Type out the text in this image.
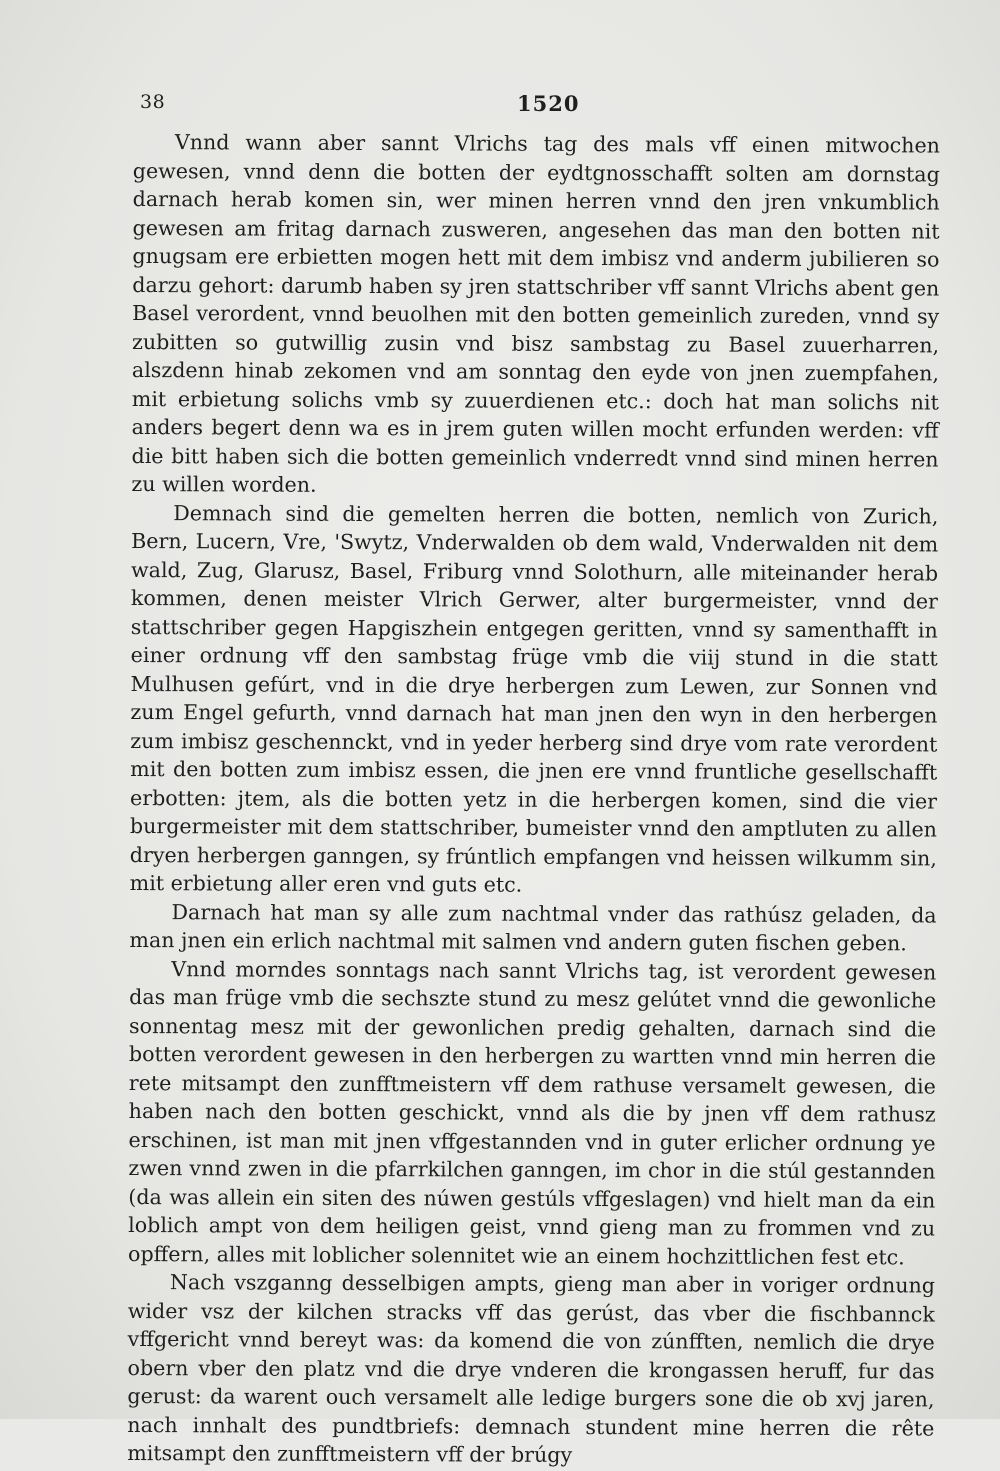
38	1520

Vnnd wann aber sannt Vlrichs tag des mals vff einen mitwochen gewesen, vnnd denn die botten der eydtgnosschafft solten am dornstag darnach herab komen sin, wer minen herren vnnd den jren vnkumblich gewesen am fritag darnach zusweren, angesehen das man den botten nit gnugsam ere erbietten mogen hett mit dem imbisz vnd anderm jubilieren so darzu gehort: darumb haben sy jren stattschriber vff sannt Vlrichs abent gen Basel verordent, vnnd beuolhen mit den botten gemeinlich zureden, vnnd sy zubitten so gutwillig zusin vnd bisz sambstag zu Basel zuuerharren, alszdenn hinab zekomen vnd am sonntag den eyde von jnen zuempfahen, mit erbietung solichs vmb sy zuuerdienen etc.: doch hat man solichs nit anders begert denn wa es in jrem guten willen mocht erfunden werden: vff die bitt haben sich die botten gemeinlich vnderredt vnnd sind minen herren zu willen worden.

Demnach sind die gemelten herren die botten, nemlich von Zurich, Bern, Lucern, Vre, 'Swytz, Vnderwalden ob dem wald, Vnderwalden nit dem wald, Zug, Glarusz, Basel, Friburg vnnd Solothurn, alle miteinander herab kommen, denen meister Vlrich Gerwer, alter burgermeister, vnnd der stattschriber gegen Hapgiszhein entgegen geritten, vnnd sy samenthafft in einer ordnung vff den sambstag früge vmb die viij stund in die statt Mulhusen gefúrt, vnd in die drye herbergen zum Lewen, zur Sonnen vnd zum Engel gefurth, vnnd darnach hat man jnen den wyn in den herbergen zum imbisz geschennckt, vnd in yeder herberg sind drye vom rate verordent mit den botten zum imbisz essen, die jnen ere vnnd fruntliche gesellschafft erbotten: jtem, als die botten yetz in die herbergen komen, sind die vier burgermeister mit dem stattschriber, bumeister vnnd den amptluten zu allen dryen herbergen ganngen, sy frúntlich empfangen vnd heissen wilkumm sin, mit erbietung aller eren vnd guts etc.

Darnach hat man sy alle zum nachtmal vnder das rathúsz geladen, da man jnen ein erlich nachtmal mit salmen vnd andern guten fischen geben.

Vnnd morndes sonntags nach sannt Vlrichs tag, ist verordent gewesen das man früge vmb die sechszte stund zu mesz gelútet vnnd die gewonliche sonnentag mesz mit der gewonlichen predig gehalten, darnach sind die botten verordent gewesen in den herbergen zu wartten vnnd min herren die rete mitsampt den zunfftmeistern vff dem rathuse versamelt gewesen, die haben nach den botten geschickt, vnnd als die by jnen vff dem rathusz erschinen, ist man mit jnen vffgestannden vnd in guter erlicher ordnung ye zwen vnnd zwen in die pfarrkilchen ganngen, im chor in die stúl gestannden (da was allein ein siten des núwen gestúls vffgeslagen) vnd hielt man da ein loblich ampt von dem heiligen geist, vnnd gieng man zu frommen vnd zu opffern, alles mit loblicher solennitet wie an einem hochzittlichen fest etc.

Nach vszganng desselbigen ampts, gieng man aber in voriger ordnung wider vsz der kilchen stracks vff das gerúst, das vber die fischbannck vffgericht vnnd bereyt was: da komend die von zúnfften, nemlich die drye obern vber den platz vnd die drye vnderen die krongassen heruff, fur das gerust: da warent ouch versamelt alle ledige burgers sone die ob xvj jaren, nach innhalt des pundtbriefs: demnach stundent mine herren die rête mitsampt den zunfftmeistern vff der brúgy
